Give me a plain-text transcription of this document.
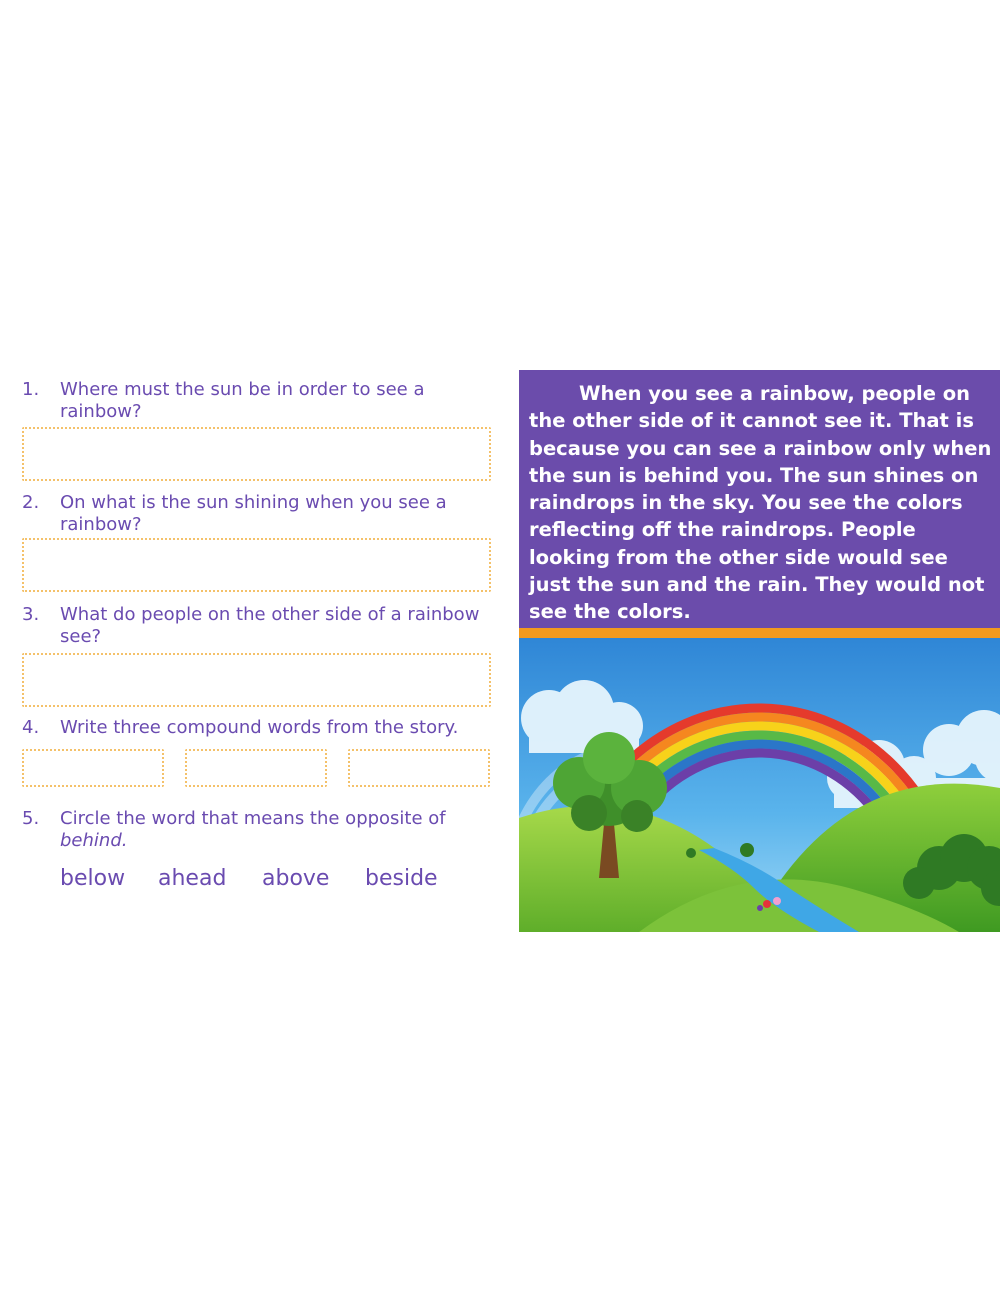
1. Where must the sun be in order to see a rainbow?
2. On what is the sun shining when you see a rainbow?
3. What do people on the other side of a rainbow see?
4. Write three compound words from the story.
5. Circle the word that means the opposite of
behind.
below ahead above beside

When you see a rainbow, people on the other side of it cannot see it. That is because you can see a rainbow only when the sun is behind you. The sun shines on raindrops in the sky. You see the colors reflecting off the raindrops. People looking from the other side would see just the sun and the rain. They would not see the colors.
